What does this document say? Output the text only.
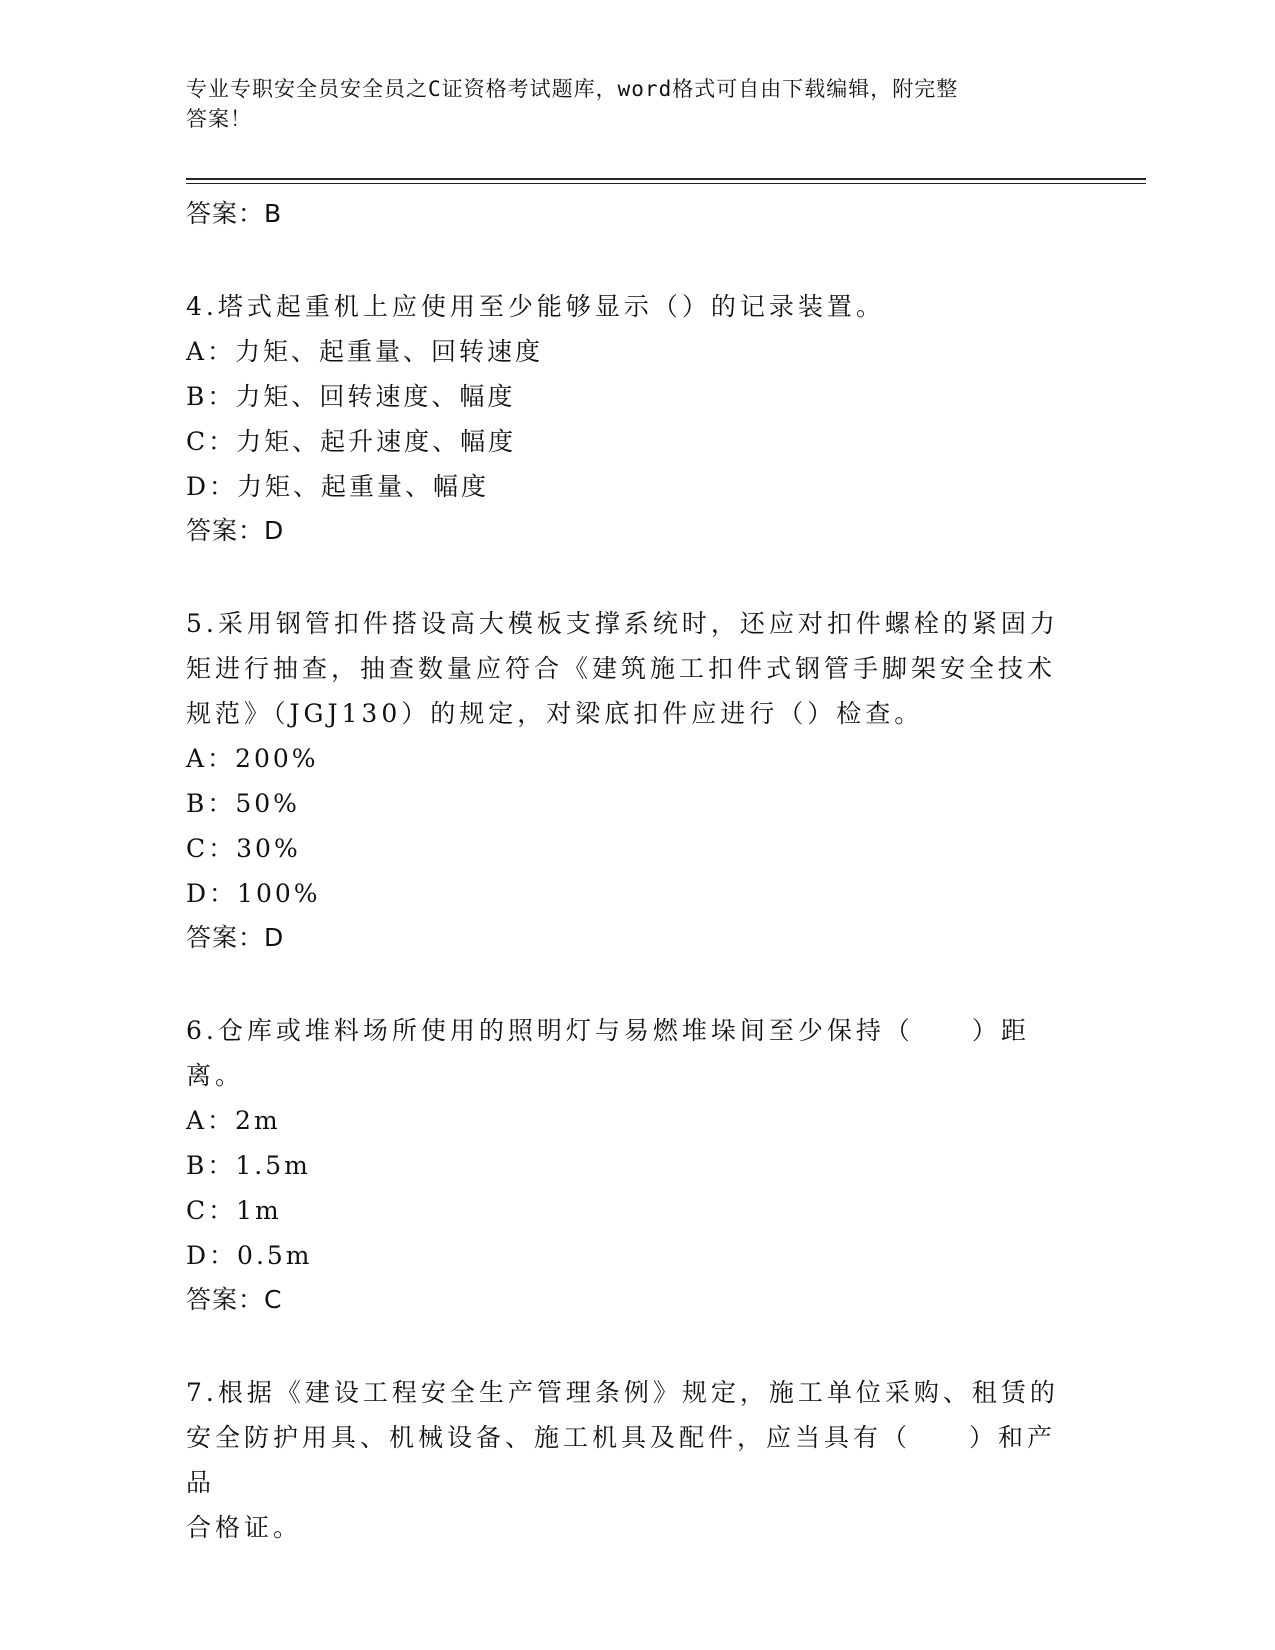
专业专职安全员安全员之C证资格考试题库，word格式可自由下载编辑，附完整
答案！
答案：B
4.塔式起重机上应使用至少能够显示（）的记录装置。
A：力矩、起重量、回转速度
B：力矩、回转速度、幅度
C：力矩、起升速度、幅度
D：力矩、起重量、幅度
答案：D
5.采用钢管扣件搭设高大模板支撑系统时，还应对扣件螺栓的紧固力
矩进行抽查，抽查数量应符合《建筑施工扣件式钢管手脚架安全技术
规范》（JGJ130）的规定，对梁底扣件应进行（）检查。
A：200%
B：50%
C：30%
D：100%
答案：D
6.仓库或堆料场所使用的照明灯与易燃堆垛间至少保持（　　）距离。
A：2m
B：1.5m
C：1m
D：0.5m
答案：C
7.根据《建设工程安全生产管理条例》规定，施工单位采购、租赁的
安全防护用具、机械设备、施工机具及配件，应当具有（　　）和产品
合格证。
